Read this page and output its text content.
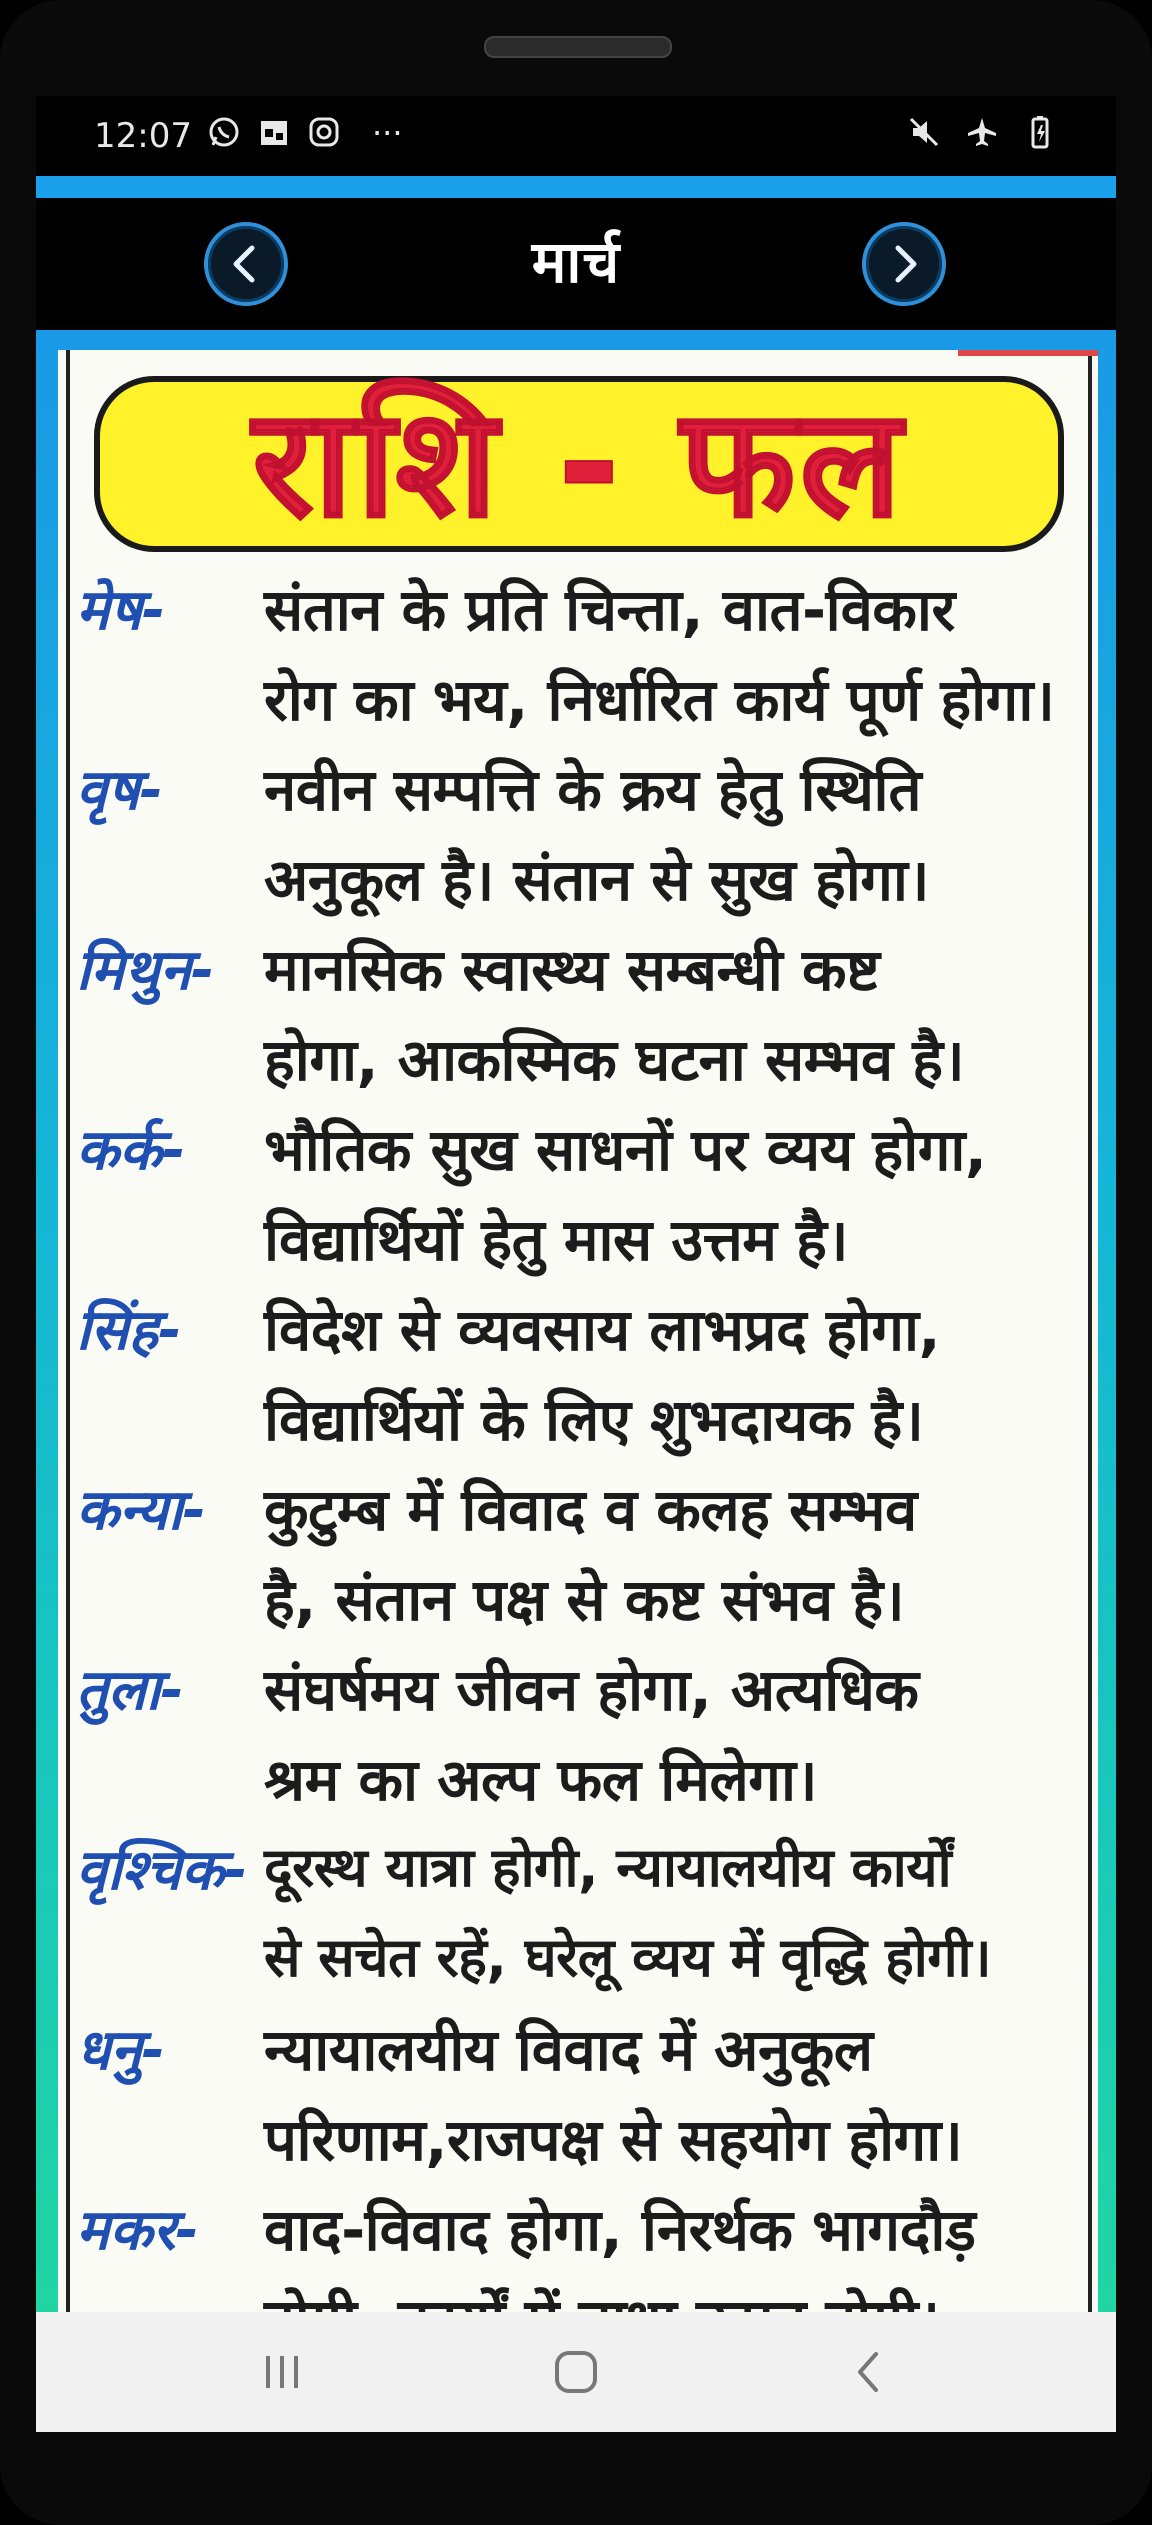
12:07	···
मार्च
राशि - फल
मेष- संतान के प्रति चिन्ता, वात-विकार
रोग का भय, निर्धारित कार्य पूर्ण होगा।
वृष- नवीन सम्पत्ति के क्रय हेतु स्थिति
अनुकूल है। संतान से सुख होगा।
मिथुन- मानसिक स्वास्थ्य सम्बन्धी कष्ट
होगा, आकस्मिक घटना सम्भव है।
कर्क- भौतिक सुख साधनों पर व्यय होगा,
विद्यार्थियों हेतु मास उत्तम है।
सिंह- विदेश से व्यवसाय लाभप्रद होगा,
विद्यार्थियों के लिए शुभदायक है।
कन्या- कुटुम्ब में विवाद व कलह सम्भव
है, संतान पक्ष से कष्ट संभव है।
तुला- संघर्षमय जीवन होगा, अत्यधिक
श्रम का अल्प फल मिलेगा।
वृश्चिक- दूरस्थ यात्रा होगी, न्यायालयीय कार्यों
से सचेत रहें, घरेलू व्यय में वृद्धि होगी।
धनु- न्यायालयीय विवाद में अनुकूल
परिणाम,राजपक्ष से सहयोग होगा।
मकर- वाद-विवाद होगा, निरर्थक भागदौड़
